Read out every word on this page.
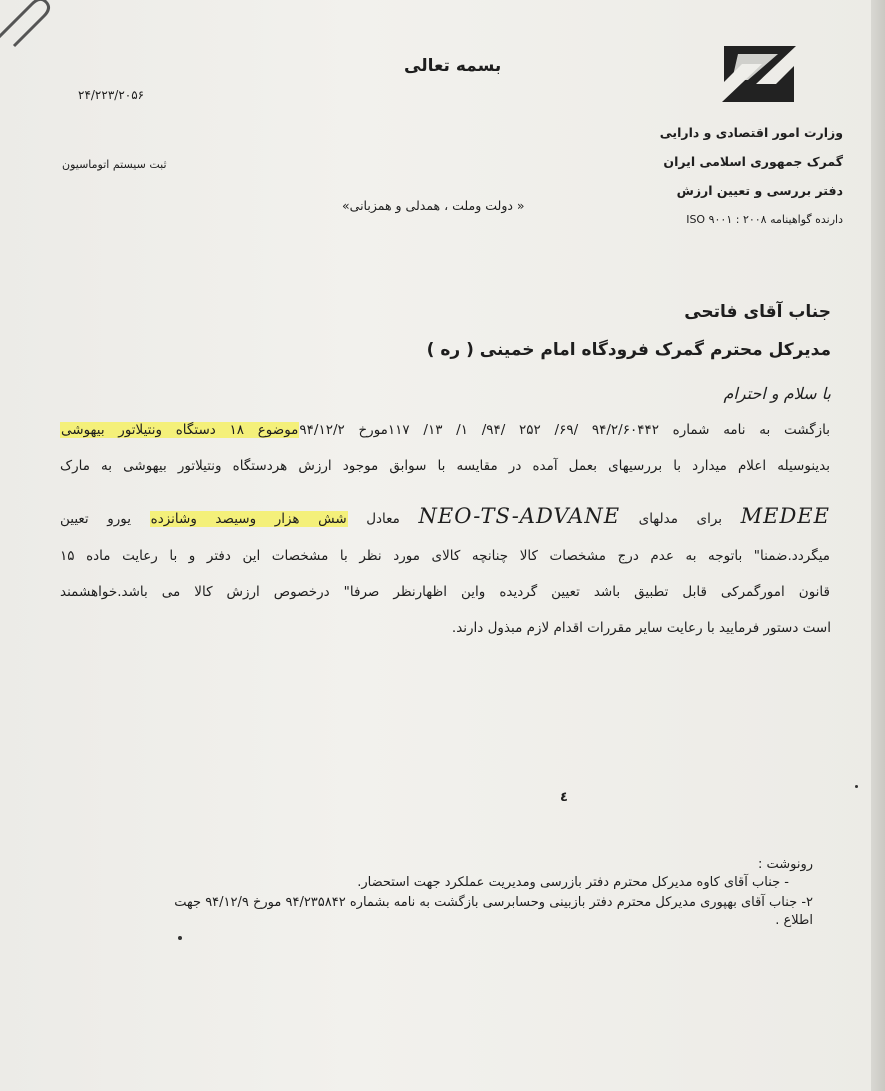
بسمه تعالی
۲۴/۲۲۳/۲۰۵۶
ثبت سیستم اتوماسیون
« دولت وملت ، همدلی و همزبانی»
وزارت امور اقتصادی و دارایی
گمرک جمهوری اسلامی ایران
دفتر بررسی و تعیین ارزش
دارنده گواهینامه ۲۰۰۸ : ۹۰۰۱ ISO
جناب آقای فاتحی
مدیرکل محترم گمرک فرودگاه امام خمینی ( ره )
با سلام و احترام
بازگشت به نامه شماره ۹۴/۲/۶۰۴۴۲ /۶۹/ ۲۵۲ /۹۴/ ۱/ ۱۳/ ۱۱۷مورخ ۹۴/۱۲/۲موضوع ۱۸ دستگاه ونتیلاتور بیهوشی
بدینوسیله اعلام میدارد با بررسیهای بعمل آمده در مقایسه با سوابق موجود ارزش هردستگاه ونتیلاتور بیهوشی به مارک
MEDEE برای مدلهای NEO-TS-ADVANE معادل شش هزار وسیصد وشانزده یورو تعیین
میگردد.ضمنا" باتوجه به عدم درج مشخصات کالا چنانچه کالای مورد نظر با مشخصات این دفتر و با رعایت ماده ۱۵
قانون امورگمرکی قابل تطبیق باشد تعیین گردیده واین اظهارنظر صرفا" درخصوص ارزش کالا می باشد.خواهشمند
است دستور فرمایید با رعایت سایر مقررات اقدام لازم مبذول دارند.
٤
رونوشت :
- جناب آقای کاوه مدیرکل محترم دفتر بازرسی ومدیریت عملکرد جهت استحضار.
۲- جناب آقای بهپوری مدیرکل محترم دفتر بازبینی وحسابرسی بازگشت به نامه بشماره ۹۴/۲۳۵۸۴۲ مورخ ۹۴/۱۲/۹ جهت
اطلاع .
